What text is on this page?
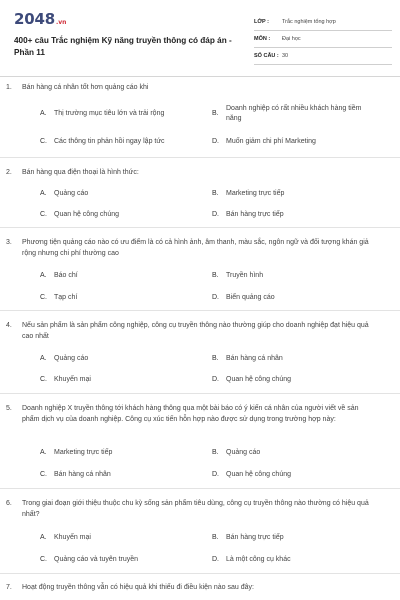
2048 .vn
400+ câu Trắc nghiệm Kỹ năng truyền thông có đáp án - Phần 11
LỚP :	Trắc nghiệm tổng hợp
MÔN :	Đại học
SỐ CÂU : 30
1.	Bán hàng cá nhân tốt hơn quảng cáo khi
A. Thị trường mục tiêu lớn và trải rộng	B.
Doanh nghiệp có rất nhiều khách hàng tiềm năng
C. Các thông tin phản hồi ngay lập tức	D. Muốn giảm chi phí Marketing
2.	Bán hàng qua điện thoại là hình thức:
A. Quảng cáo	B. Marketing trực tiếp
C. Quan hệ công chúng	D. Bán hàng trực tiếp
3.	Phương tiện quảng cáo nào có ưu điểm là có cả hình ảnh, âm thanh, màu sắc, ngôn ngữ và đối tượng khán giả rộng nhưng chi phí thường cao
A. Báo chí	B. Truyền hình
C. Tạp chí	D. Biển quảng cáo
4.	Nếu sản phẩm là sản phẩm công nghiệp, công cụ truyền thông nào thường giúp cho doanh nghiệp đạt hiệu quả cao nhất
A. Quảng cáo	B. Bán hàng cá nhân
C. Khuyến mại	D. Quan hệ công chúng
5.	Doanh nghiệp X truyền thông tới khách hàng thông qua một bài báo có ý kiến cá nhân của người viết về sản phẩm dịch vụ của doanh nghiệp. Công cụ xúc tiến hỗn hợp nào được sử dụng trong trường hợp này:
A. Marketing trực tiếp	B. Quảng cáo
C. Bán hàng cá nhân	D. Quan hệ công chúng
6.	Trong giai đoạn giới thiệu thuộc chu kỳ sống sản phẩm tiêu dùng, công cụ truyền thông nào thường có hiệu quả nhất?
A. Khuyến mại	B. Bán hàng trực tiếp
C. Quảng cáo và tuyên truyền	D. Là một công cụ khác
7.	Hoạt động truyền thông vẫn có hiệu quả khi thiếu đi điều kiện nào sau đây:
